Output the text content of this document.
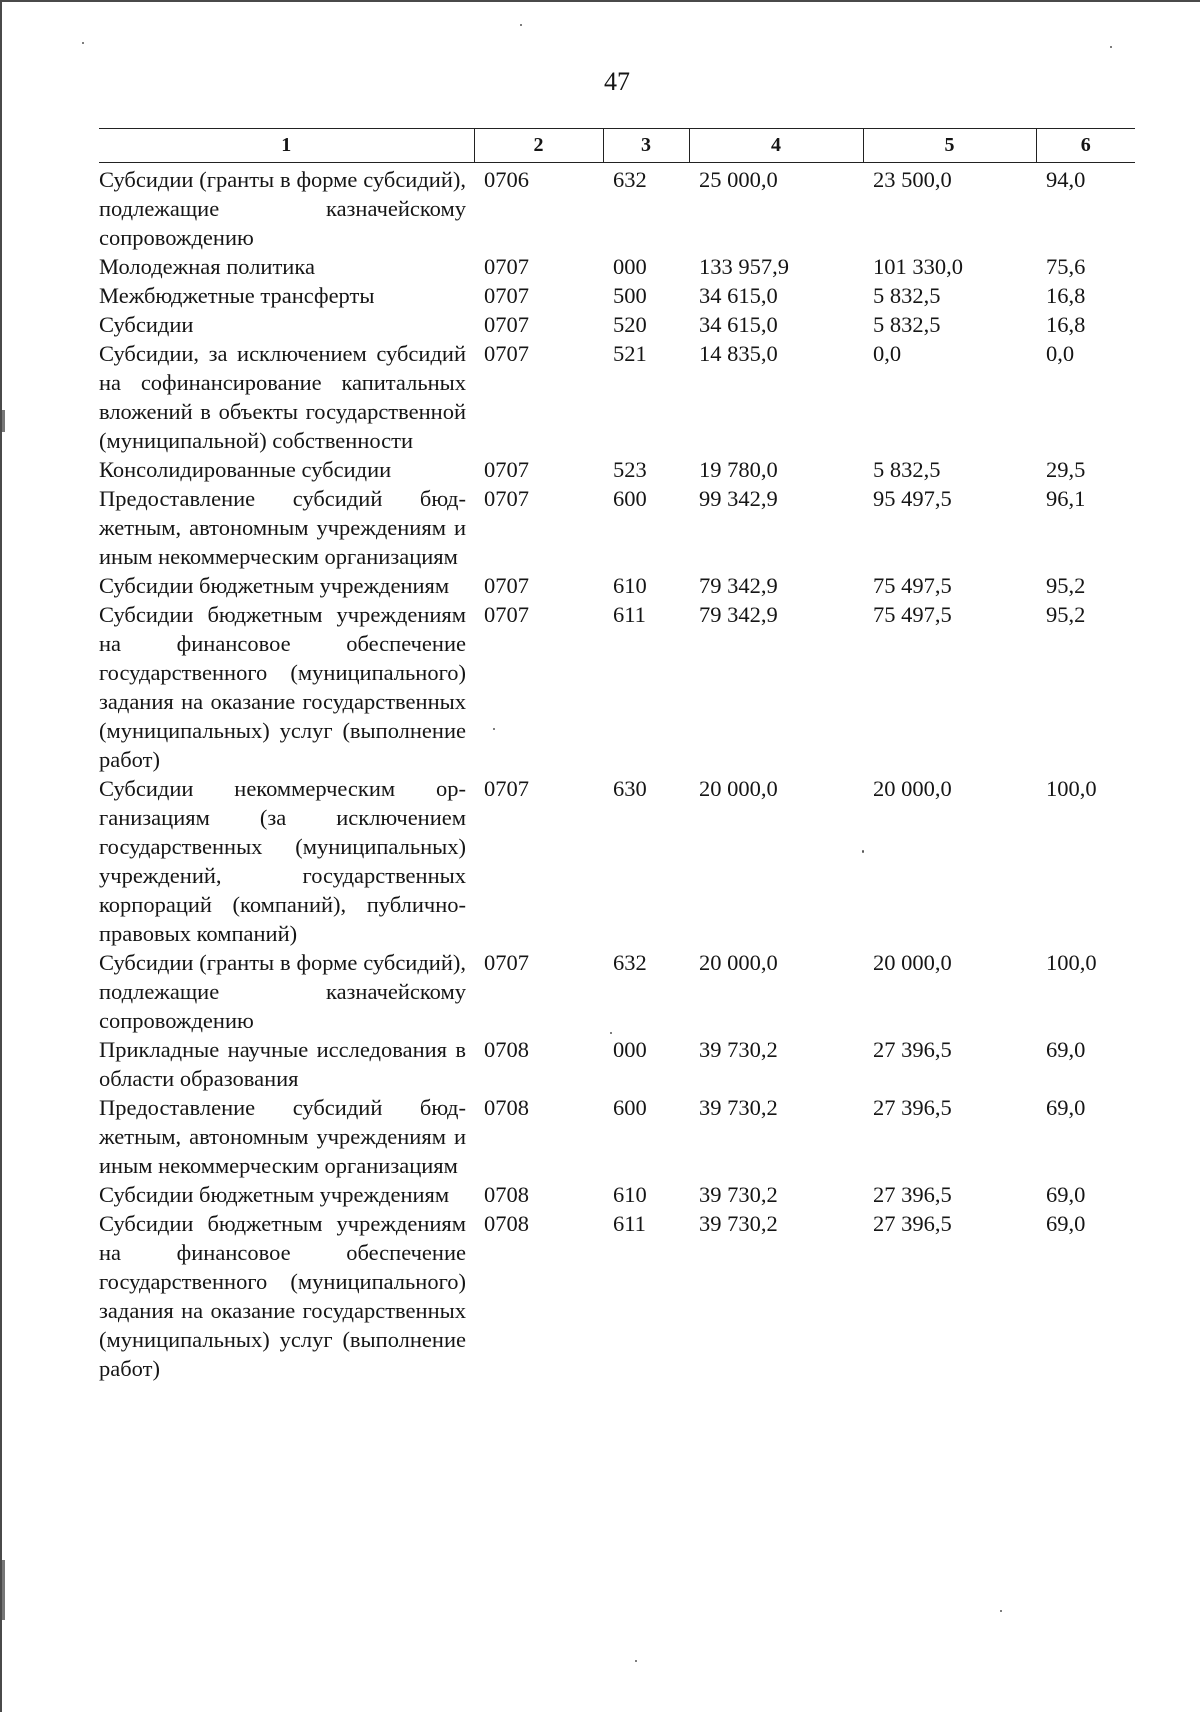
47
1	2	3	4	5	6
Субсидии (гранты в форме субсидий), подлежащие казначейскому сопровождению	0706	632	25 000,0	23 500,0	94,0
Молодежная политика	0707	000	133 957,9	101 330,0	75,6
Межбюджетные трансферты	0707	500	34 615,0	5 832,5	16,8
Субсидии	0707	520	34 615,0	5 832,5	16,8
Субсидии, за исключением субсидий на софинансирование капитальных вложений в объекты государственной (муниципальной) собственности	0707	521	14 835,0	0,0	0,0
Консолидированные субсидии	0707	523	19 780,0	5 832,5	29,5
Предоставление субсидий бюджетным, автономным учреждениям и иным некоммерческим организациям	0707	600	99 342,9	95 497,5	96,1
Субсидии бюджетным учреждениям	0707	610	79 342,9	75 497,5	95,2
Субсидии бюджетным учреждениям на финансовое обеспечение государственного (муниципального) задания на оказание государственных (муниципальных) услуг (выполнение работ)	0707	611	79 342,9	75 497,5	95,2
Субсидии некоммерческим организациям (за исключением государственных (муниципальных) учреждений, государственных корпораций (компаний), публично-правовых компаний)	0707	630	20 000,0	20 000,0	100,0
Субсидии (гранты в форме субсидий), подлежащие казначейскому сопровождению	0707	632	20 000,0	20 000,0	100,0
Прикладные научные исследования в области образования	0708	000	39 730,2	27 396,5	69,0
Предоставление субсидий бюджетным, автономным учреждениям и иным некоммерческим организациям	0708	600	39 730,2	27 396,5	69,0
Субсидии бюджетным учреждениям	0708	610	39 730,2	27 396,5	69,0
Субсидии бюджетным учреждениям на финансовое обеспечение государственного (муниципального) задания на оказание государственных (муниципальных) услуг (выполнение работ)	0708	611	39 730,2	27 396,5	69,0
